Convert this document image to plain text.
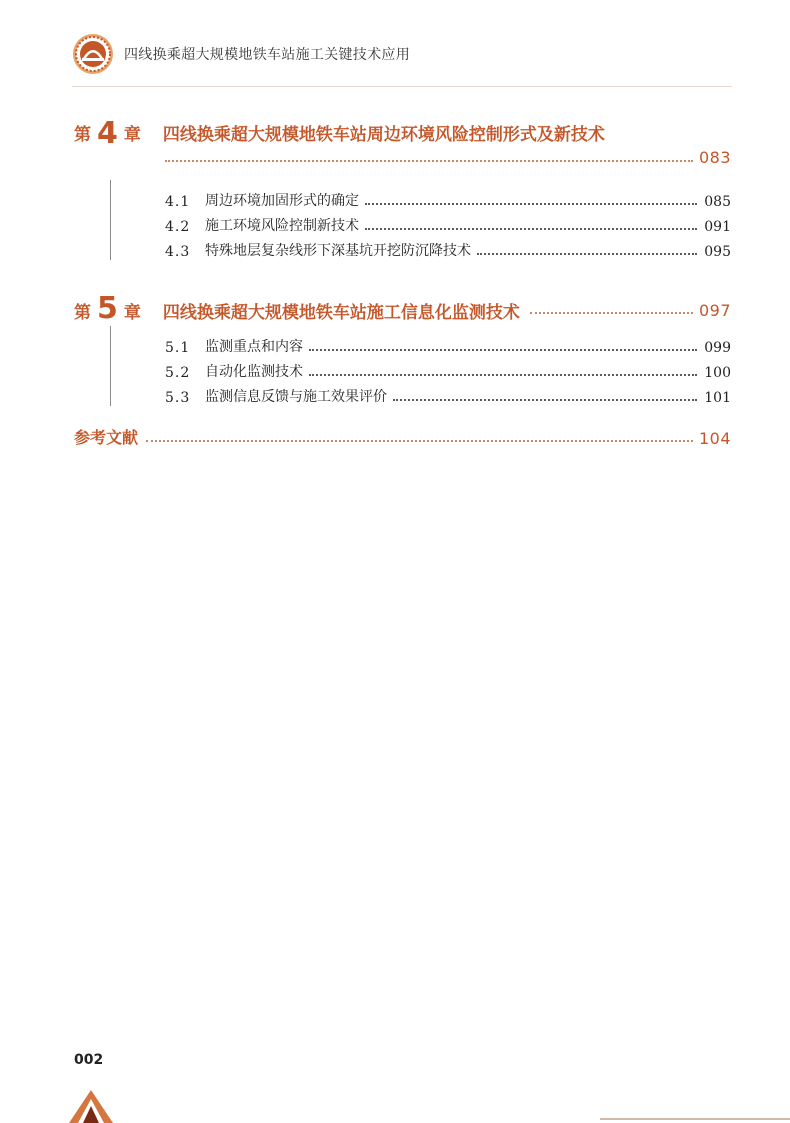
四线换乘超大规模地铁车站施工关键技术应用
第 4 章 四线换乘超大规模地铁车站周边环境风险控制形式及新技术
083
4.1	周边环境加固形式的确定	085
4.2	施工环境风险控制新技术	091
4.3	特殊地层复杂线形下深基坑开挖防沉降技术	095
第 5 章 四线换乘超大规模地铁车站施工信息化监测技术	097
5.1	监测重点和内容	099
5.2	自动化监测技术	100
5.3	监测信息反馈与施工效果评价	101
参考文献	104
002
